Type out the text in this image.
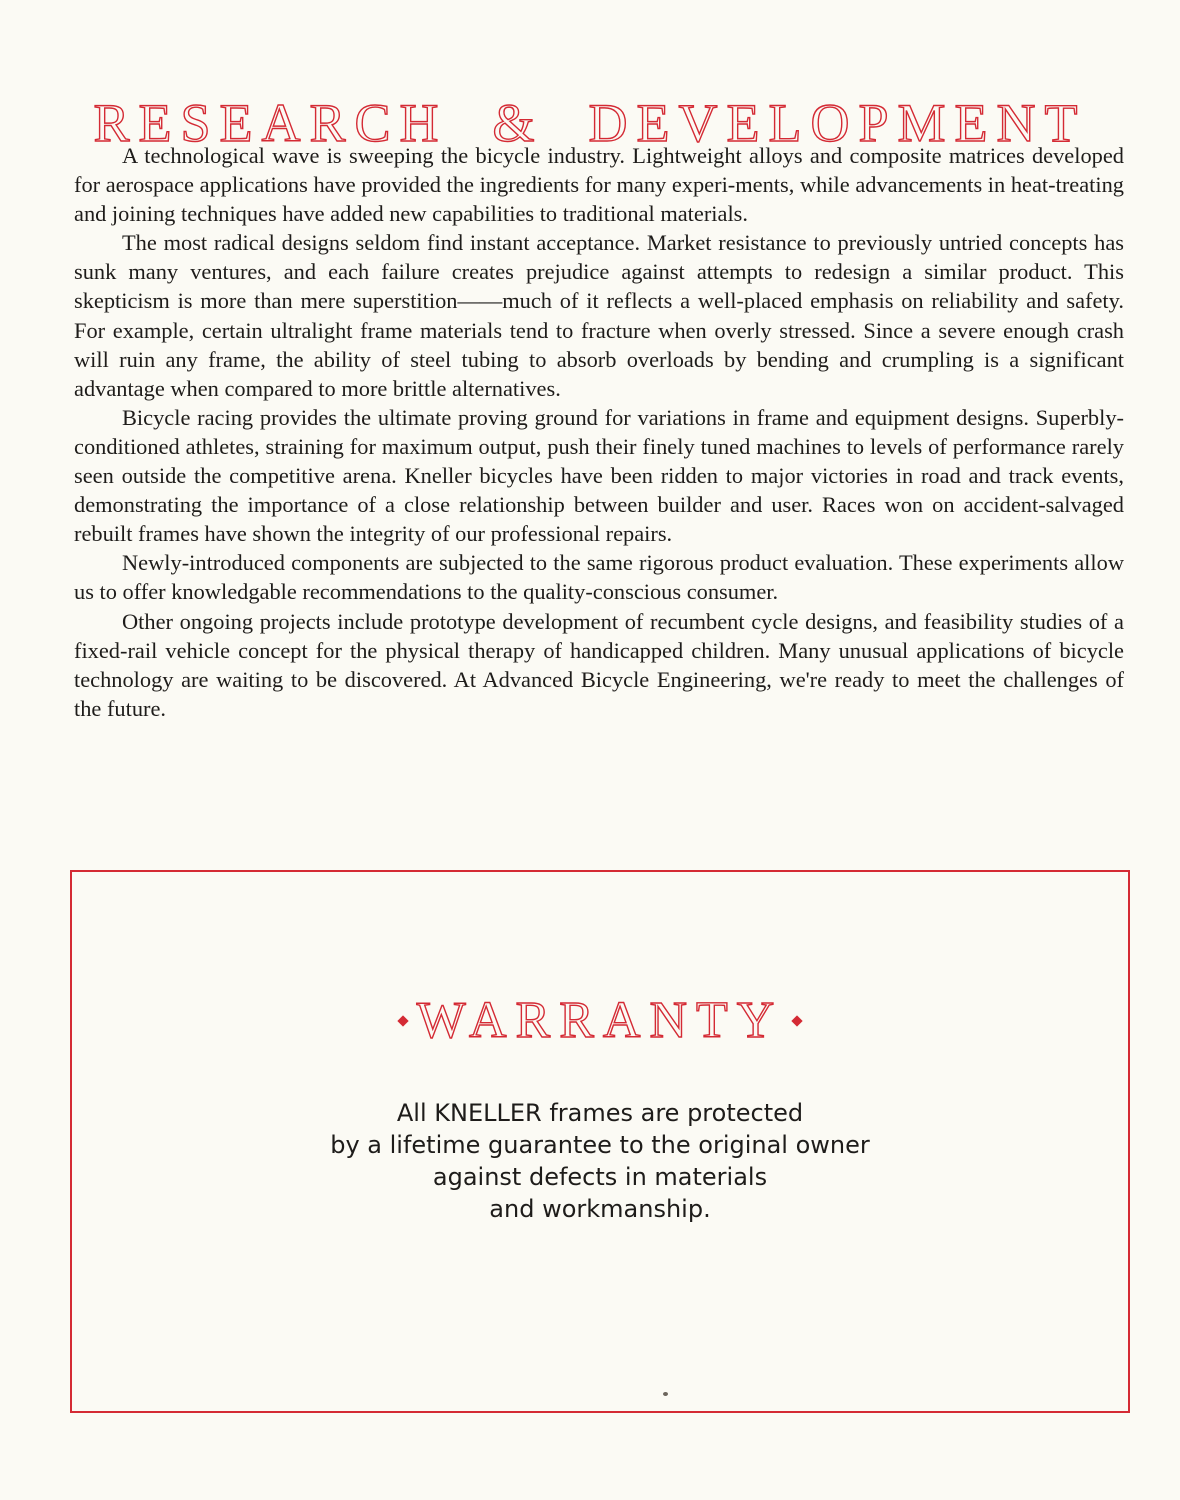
RESEARCH & DEVELOPMENT

A technological wave is sweeping the bicycle industry. Lightweight alloys and composite matrices developed for aerospace applications have provided the ingredients for many experi-ments, while advancements in heat-treating and joining techniques have added new capabilities to traditional materials.

The most radical designs seldom find instant acceptance. Market resistance to previously untried concepts has sunk many ventures, and each failure creates prejudice against attempts to redesign a similar product. This skepticism is more than mere superstition——much of it reflects a well-placed emphasis on reliability and safety. For example, certain ultralight frame materials tend to fracture when overly stressed. Since a severe enough crash will ruin any frame, the ability of steel tubing to absorb overloads by bending and crumpling is a significant advantage when compared to more brittle alternatives.

Bicycle racing provides the ultimate proving ground for variations in frame and equipment designs. Superbly-conditioned athletes, straining for maximum output, push their finely tuned machines to levels of performance rarely seen outside the competitive arena. Kneller bicycles have been ridden to major victories in road and track events, demonstrating the importance of a close relationship between builder and user. Races won on accident-salvaged rebuilt frames have shown the integrity of our professional repairs.

Newly-introduced components are subjected to the same rigorous product evaluation. These experiments allow us to offer knowledgable recommendations to the quality-conscious consumer.

Other ongoing projects include prototype development of recumbent cycle designs, and feasibility studies of a fixed-rail vehicle concept for the physical therapy of handicapped children. Many unusual applications of bicycle technology are waiting to be discovered. At Advanced Bicycle Engineering, we're ready to meet the challenges of the future.

WARRANTY
All KNELLER frames are protected
by a lifetime guarantee to the original owner
against defects in materials
and workmanship.
